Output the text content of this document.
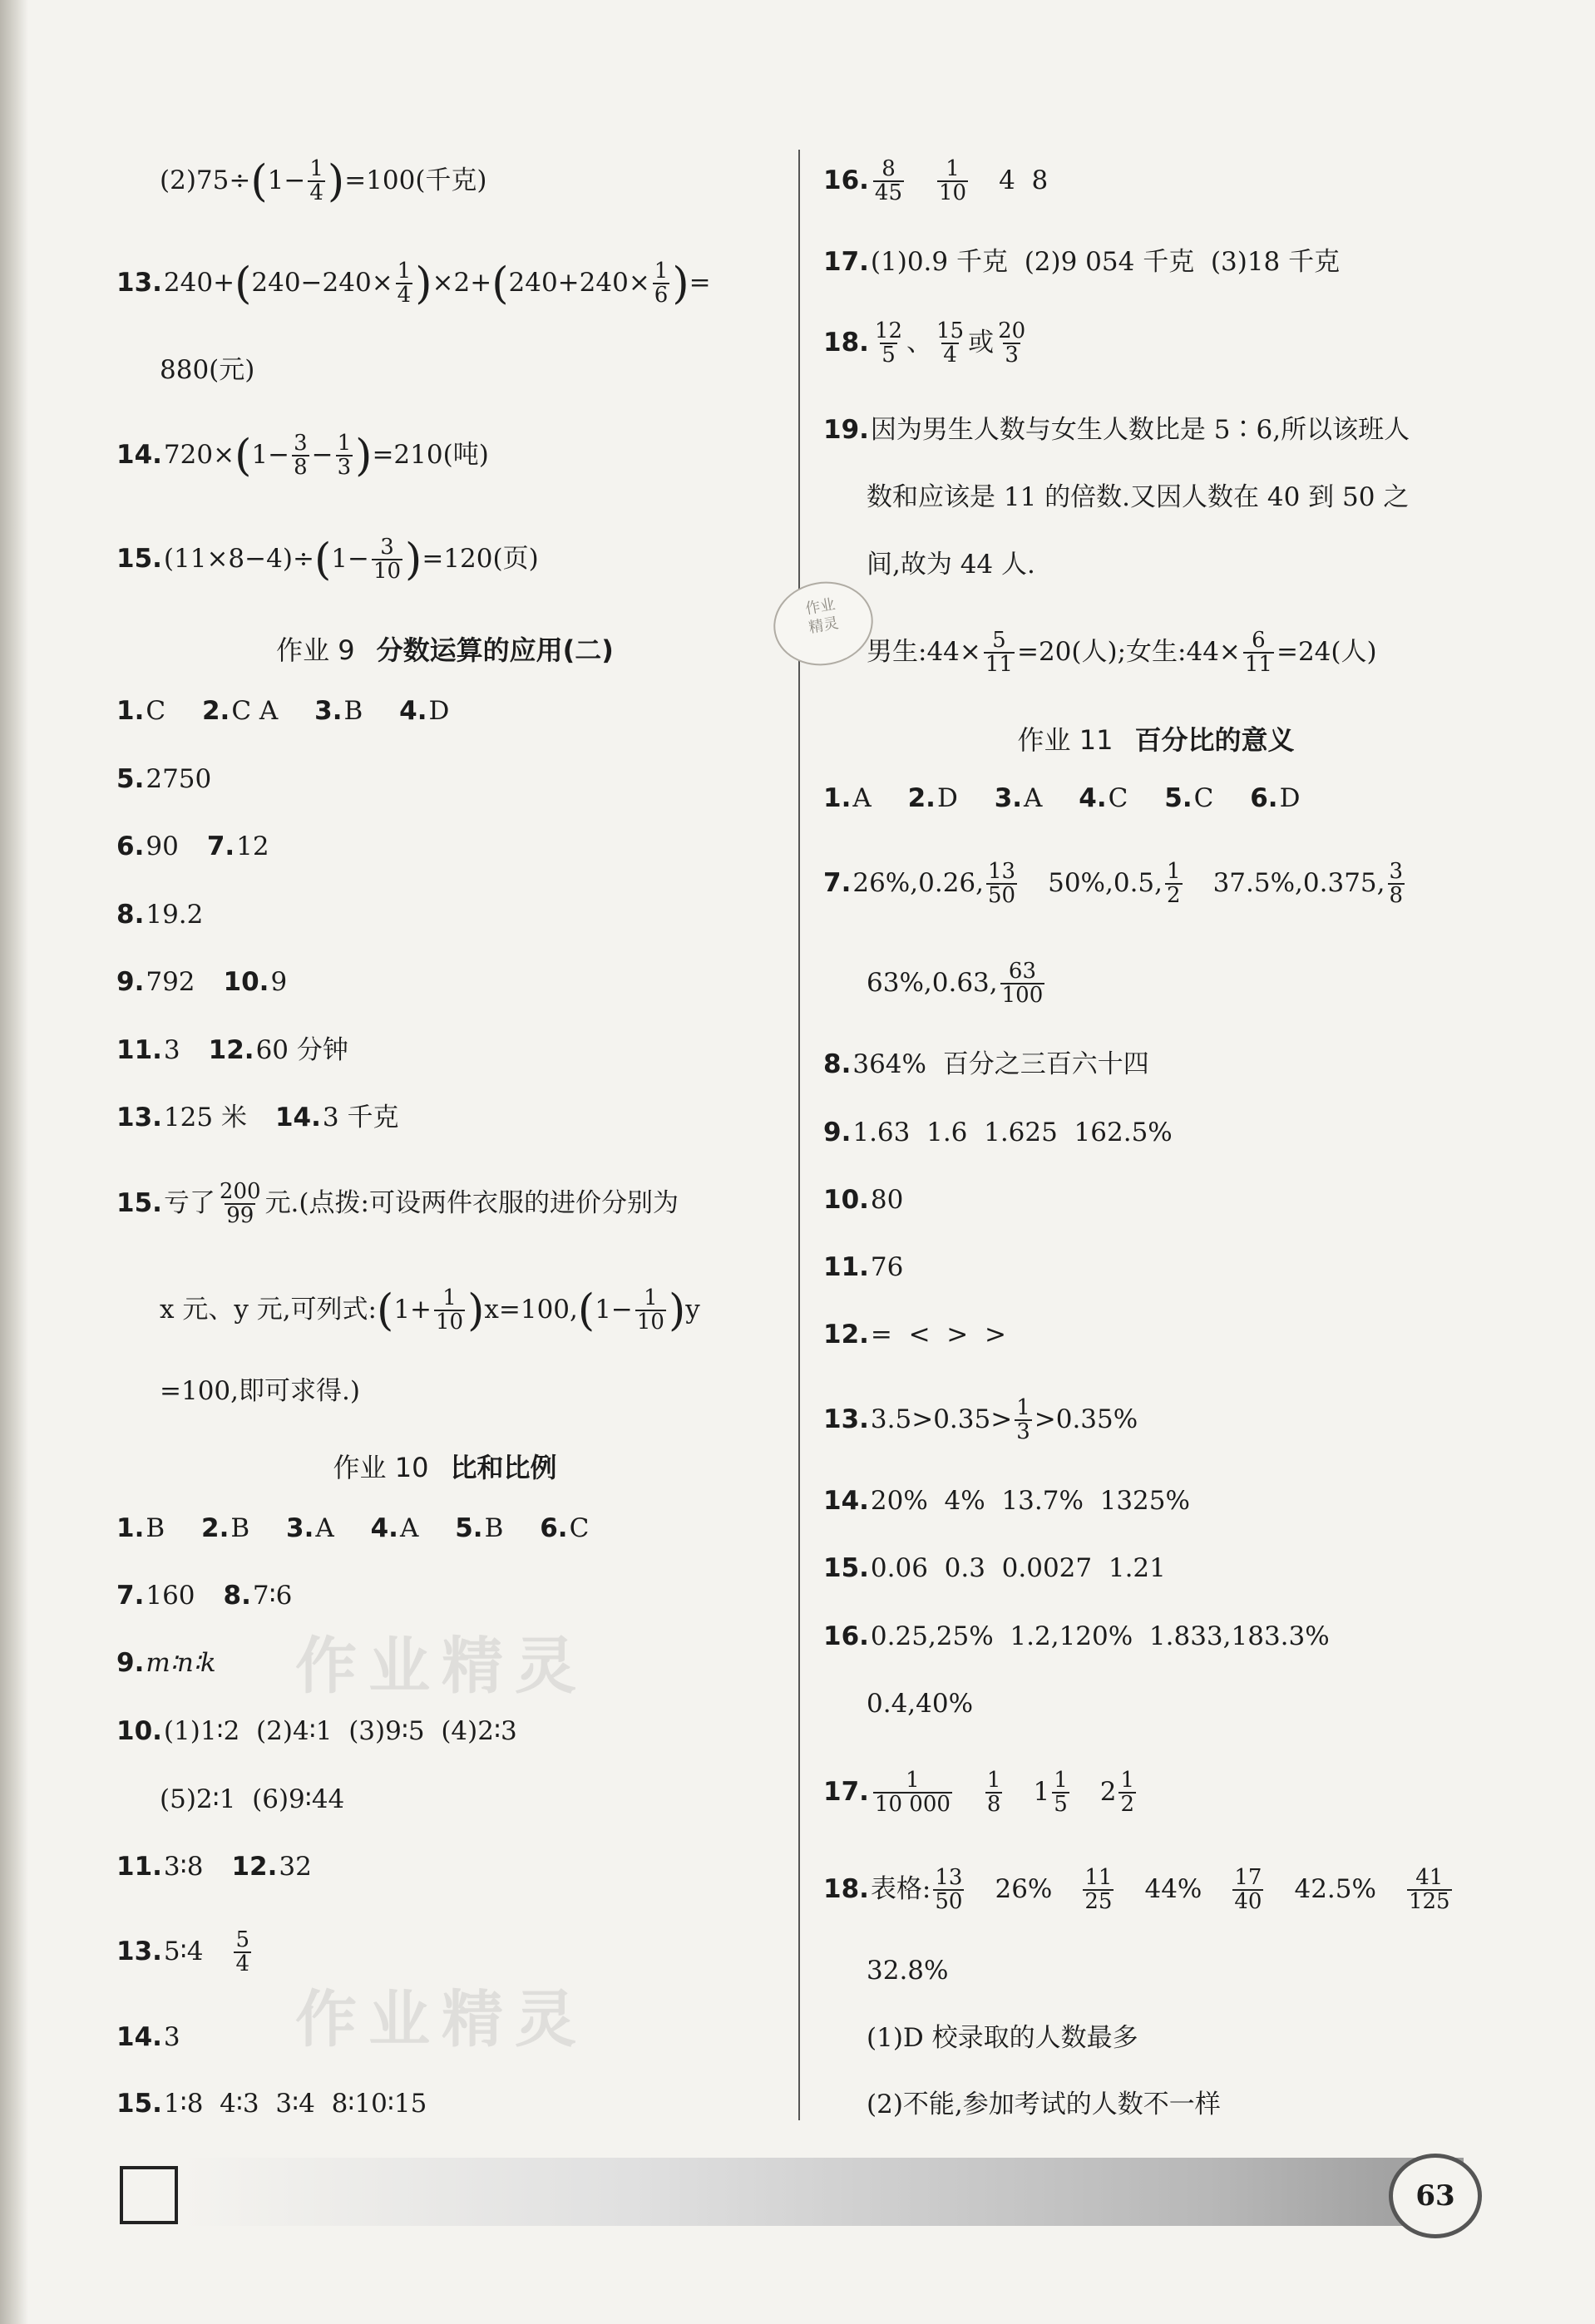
$(2)75\div(1- \frac{1}{4} )=100$(千克)
$13.240+(240-240\times \frac{1}{4} )\times 2+(240+240\times \frac{1}{6}$ )=
880(元)
$14.720\times(1- \frac{3}{8} - \frac{1}{3} )=210$(吨)
$15.(11\times 8-4)\div(1- \frac{3}{10} )=120$(页)
作业 9 分数运算的应用(二)
作业
精灵
1.C 2.C A 3.B 4.D
5.2750
6.90 7.12
8.19.2
9.792 10.9
11.3 12.60 分钟
13.125 米 14.3 千克
15.亏了 $\frac{200}{99}$ 元.(点拨:可设两件衣服的进价分别为
x 元、y 元,可列式:(1+ $\frac{1}{10} )x=100,(1- \frac{1}{10} )y$
=100,即可求得.)
作业 10 比和比例
1.B 2.B 3.A 4.A 5.B 6.C
7.160 8.7∶6
9.m∶n∶k
10.(1)1∶2  (2)4∶1  (3)9∶5  (4)2∶3
(5)2∶1  (6)9∶44
11.3∶8 12.32
13.5∶4 $\frac{5}{4}$
14.3
15.1∶8  4∶3  3∶4  8∶10∶15
作业精灵
作业精灵
16. $\frac{8}{45} \frac{1}{10} 4$  8
17.(1)0.9 千克  (2)9 054 千克  (3)18 千克
18. $\frac{12}{5}$ 、 $\frac{15}{4}$ 或 $\frac{20}{3}$
19.因为男生人数与女生人数比是 5∶6,所以该班人
数和应该是 11 的倍数.又因人数在 40 到 50 之
间,故为 44 人.
男生:44× $\frac{5}{11} =20$(人);女生:44× $\frac{6}{11} =24$(人)
作业 11 百分比的意义
1.A 2.D 3.A 4.C 5.C 6.D
7.26%,0.26, $\frac{13}{50} 50\%,0.5$, $\frac{1}{2} 37.5\%,0.375$, $\frac{3}{8}$
63%,0.63, $\frac{63}{100}$
8.364%  百分之三百六十四
9.1.63  1.6  1.625  162.5%
10.80
11.76
12.=  <  >  >
$13.3.5>0.35> \frac{1}{3} >0.35\%$
14.20%  4%  13.7%  1325%
15.0.06  0.3  0.0027  1.21
16.0.25,25%  1.2,120%  1.833,183.3%
0.4,40%
17. $\frac{1}{10 000} \frac{1}{8} 1 \frac{1}{5} 2 \frac{1}{2}$
18.表格: $\frac{13}{50} 26\% \frac{11}{25} 44\% \frac{17}{40} 42.5\% \frac{41}{125}$
32.8%
(1)D 校录取的人数最多
(2)不能,参加考试的人数不一样
63
